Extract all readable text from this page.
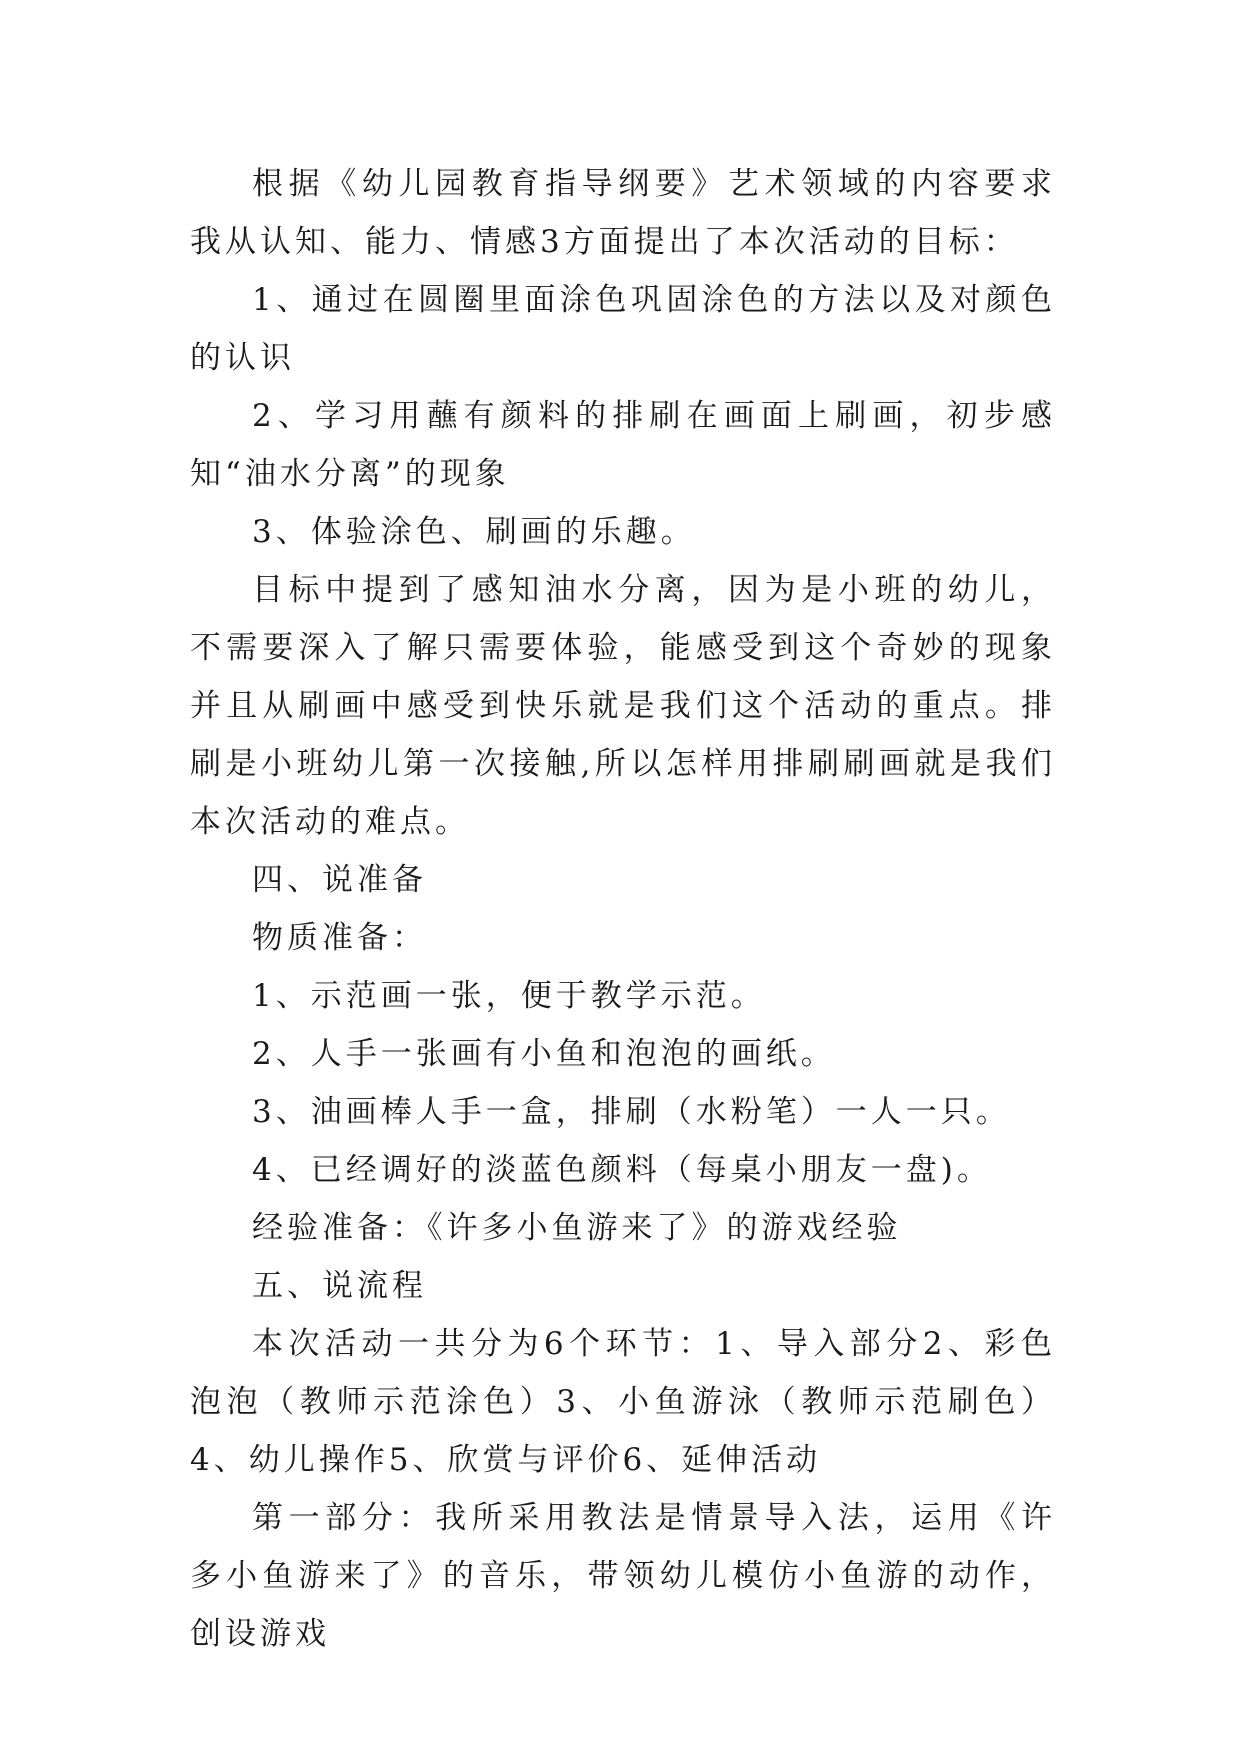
根据《幼儿园教育指导纲要》艺术领域的内容要求我从认知、能力、情感3方面提出了本次活动的目标：

1、通过在圆圈里面涂色巩固涂色的方法以及对颜色的认识

2、学习用蘸有颜料的排刷在画面上刷画，初步感知“油水分离”的现象

3、体验涂色、刷画的乐趣。

目标中提到了感知油水分离，因为是小班的幼儿，不需要深入了解只需要体验，能感受到这个奇妙的现象并且从刷画中感受到快乐就是我们这个活动的重点。排刷是小班幼儿第一次接触,所以怎样用排刷刷画就是我们本次活动的难点。

四、说准备

物质准备：

1、示范画一张，便于教学示范。

2、人手一张画有小鱼和泡泡的画纸。

3、油画棒人手一盒，排刷（水粉笔）一人一只。

4、已经调好的淡蓝色颜料（每桌小朋友一盘)。

经验准备：《许多小鱼游来了》的游戏经验

五、说流程

本次活动一共分为6个环节：1、导入部分2、彩色泡泡（教师示范涂色）3、小鱼游泳（教师示范刷色）4、幼儿操作5、欣赏与评价6、延伸活动

第一部分：我所采用教法是情景导入法，运用《许多小鱼游来了》的音乐，带领幼儿模仿小鱼游的动作，创设游戏
